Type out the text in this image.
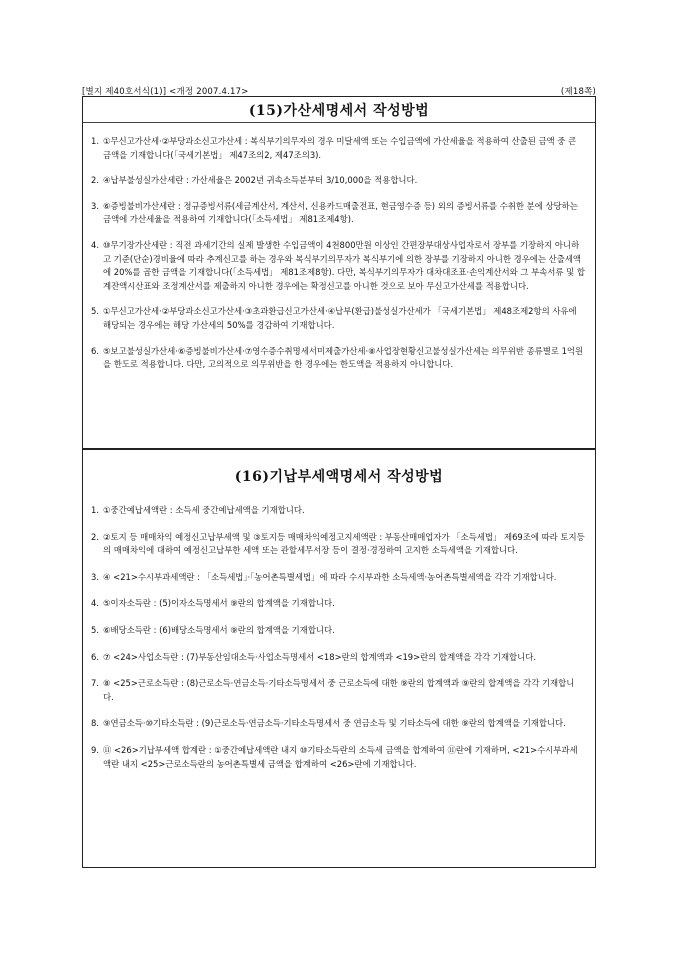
[별지 제40호서식(1)] <개정 2007.4.17>	(제18쪽)
(15)가산세명세서 작성방법
1. ①무신고가산세·②부당과소신고가산세 : 복식부기의무자의 경우 미달세액 또는 수입금액에 가산세율을 적용하여 산출된 금액 중 큰 금액을 기재합니다(「국세기본법」 제47조의2, 제47조의3).
2. ④납부불성실가산세란 : 가산세율은 2002년 귀속소득분부터 3/10,000을 적용합니다.
3. ⑥증빙불비가산세란 : 정규증빙서류(세금계산서, 계산서, 신용카드매출전표, 현금영수증 등) 외의 증빙서류를 수취한 분에 상당하는 금액에 가산세율을 적용하여 기재합니다(「소득세법」 제81조제4항).
4. ⑩무기장가산세란 : 직전 과세기간의 실제 발생한 수입금액이 4천800만원 이상인 간편장부대상사업자로서 장부를 기장하지 아니하고 기준(단순)경비율에 따라 추계신고를 하는 경우와 복식부기의무자가 복식부기에 의한 장부를 기장하지 아니한 경우에는 산출세액에 20%를 곱한 금액을 기재합니다(「소득세법」 제81조제8항). 다만, 복식부기의무자가 대차대조표·손익계산서와 그 부속서류 및 합계잔액시산표와 조정계산서를 제출하지 아니한 경우에는 확정신고를 아니한 것으로 보아 무신고가산세를 적용합니다.
5. ①무신고가산세·②부당과소신고가산세·③초과환급신고가산세·④납부(환급)불성실가산세가 「국세기본법」 제48조제2항의 사유에 해당되는 경우에는 해당 가산세의 50%를 경감하여 기재합니다.
6. ⑤보고불성실가산세·⑥증빙불비가산세·⑦영수증수취명세서미제출가산세·⑧사업장현황신고불성실가산세는 의무위반 종류별로 1억원을 한도로 적용합니다. 다만, 고의적으로 의무위반을 한 경우에는 한도액을 적용하지 아니합니다.
(16)기납부세액명세서 작성방법
1. ①중간예납세액란 : 소득세 중간예납세액을 기재합니다.
2. ②토지 등 매매차익 예정신고납부세액 및 ③토지등 매매차익예정고지세액란 : 부동산매매업자가 「소득세법」 제69조에 따라 토지등의 매매차익에 대하여 예정신고납부한 세액 또는 관할세무서장 등이 결정·경정하여 고지한 소득세액을 기재합니다.
3. ④ <21>수시부과세액란 : 「소득세법」·「농어촌특별세법」에 따라 수시부과한 소득세액·농어촌특별세액을 각각 기재합니다.
4. ⑤이자소득란 : (5)이자소득명세서 ⑨란의 합계액을 기재합니다.
5. ⑥배당소득란 : (6)배당소득명세서 ⑨란의 합계액을 기재합니다.
6. ⑦ <24>사업소득란 : (7)부동산임대소득·사업소득명세서 <18>란의 합계액과 <19>란의 합계액을 각각 기재합니다.
7. ⑧ <25>근로소득란 : (8)근로소득·연금소득·기타소득명세서 중 근로소득에 대한 ⑨란의 합계액과 ⑨란의 합계액을 각각 기재합니다.
8. ⑨연금소득·⑩기타소득란 : (9)근로소득·연금소득·기타소득명세서 중 연금소득 및 기타소득에 대한 ⑨란의 합계액을 기재합니다.
9. ⑪ <26>기납부세액 합계란 : ①중간예납세액란 내지 ⑩기타소득란의 소득세 금액을 합계하여 ⑪란에 기재하며, <21>수시부과세액란 내지 <25>근로소득란의 농어촌특별세 금액을 합계하여 <26>란에 기재합니다.
